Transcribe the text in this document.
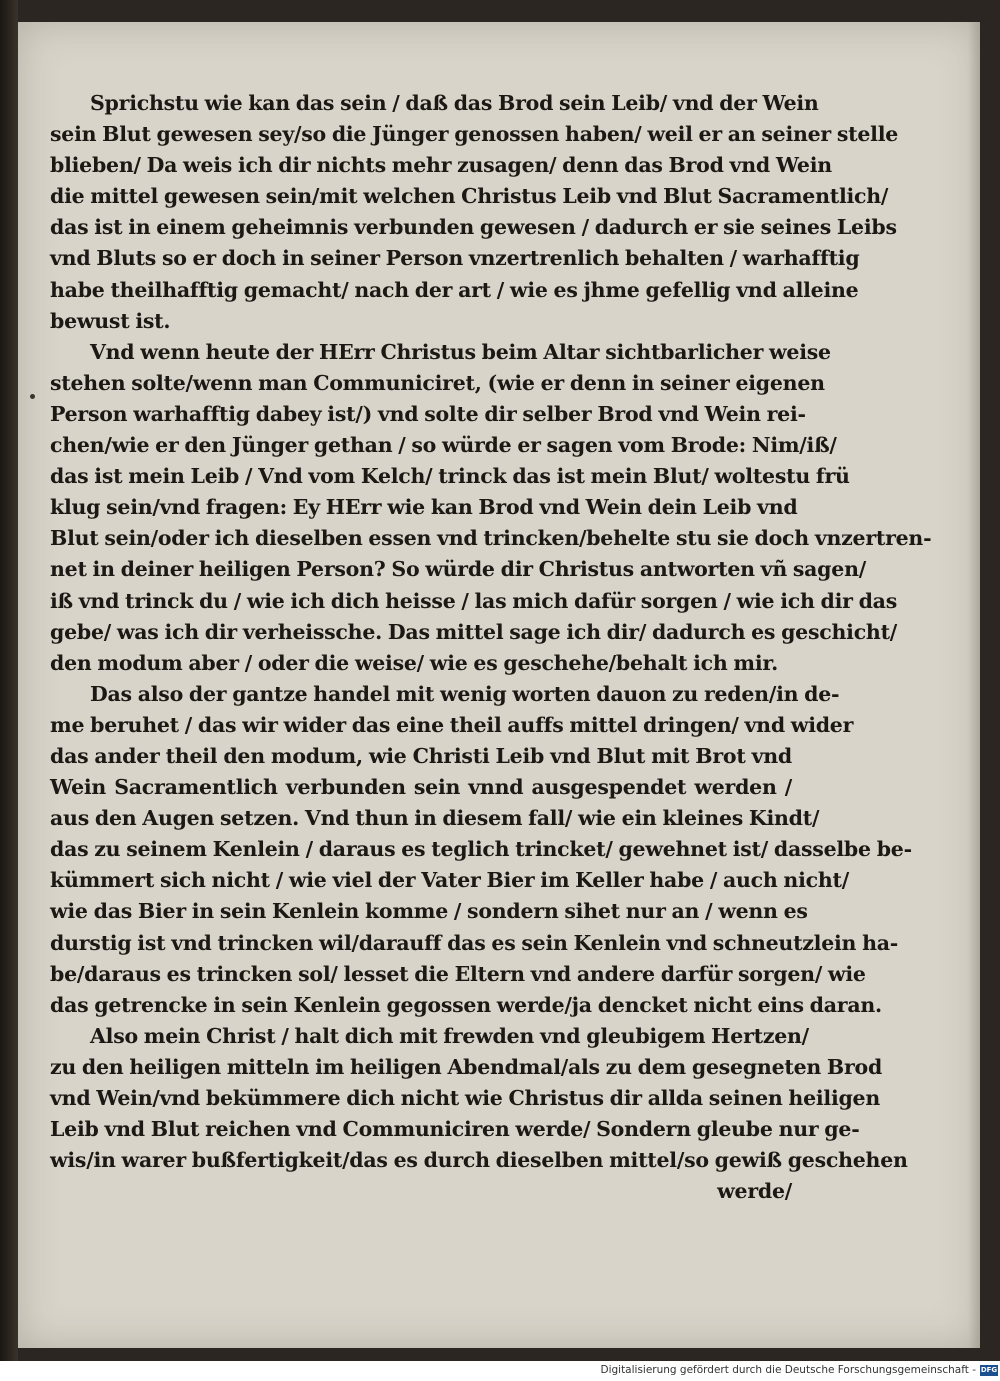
Sprichstu wie kan das sein / daß das Brod sein Leib/ vnd der Wein
sein Blut gewesen sey/so die Jünger genossen haben/ weil er an seiner stelle
blieben/ Da weis ich dir nichts mehr zusagen/ denn das Brod vnd Wein
die mittel gewesen sein/mit welchen Christus Leib vnd Blut Sacramentlich/
das ist in einem geheimnis verbunden gewesen / dadurch er sie seines Leibs
vnd Bluts so er doch in seiner Person vnzertrenlich behalten / warhafftig
habe theilhafftig gemacht/ nach der art / wie es jhme gefellig vnd alleine
bewust ist.
Vnd wenn heute der HErr Christus beim Altar sichtbarlicher weise
stehen solte/wenn man Communiciret, (wie er denn in seiner eigenen
Person warhafftig dabey ist/) vnd solte dir selber Brod vnd Wein rei-
chen/wie er den Jünger gethan / so würde er sagen vom Brode: Nim/iß/
das ist mein Leib / Vnd vom Kelch/ trinck das ist mein Blut/ woltestu frü
klug sein/vnd fragen: Ey HErr wie kan Brod vnd Wein dein Leib vnd
Blut sein/oder ich dieselben essen vnd trincken/behelte stu sie doch vnzertren-
net in deiner heiligen Person? So würde dir Christus antworten vñ sagen/
iß vnd trinck du / wie ich dich heisse / las mich dafür sorgen / wie ich dir das
gebe/ was ich dir verheissche. Das mittel sage ich dir/ dadurch es geschicht/
den modum aber / oder die weise/ wie es geschehe/behalt ich mir.
Das also der gantze handel mit wenig worten dauon zu reden/in de-
me beruhet / das wir wider das eine theil auffs mittel dringen/ vnd wider
das ander theil den modum, wie Christi Leib vnd Blut mit Brot vnd
Wein Sacramentlich verbunden sein vnnd ausgespendet werden /
aus den Augen setzen. Vnd thun in diesem fall/ wie ein kleines Kindt/
das zu seinem Kenlein / daraus es teglich trincket/ gewehnet ist/ dasselbe be-
kümmert sich nicht / wie viel der Vater Bier im Keller habe / auch nicht/
wie das Bier in sein Kenlein komme / sondern sihet nur an / wenn es
durstig ist vnd trincken wil/darauff das es sein Kenlein vnd schneutzlein ha-
be/daraus es trincken sol/ lesset die Eltern vnd andere darfür sorgen/ wie
das getrencke in sein Kenlein gegossen werde/ja dencket nicht eins daran.
Also mein Christ / halt dich mit frewden vnd gleubigem Hertzen/
zu den heiligen mitteln im heiligen Abendmal/als zu dem gesegneten Brod
vnd Wein/vnd bekümmere dich nicht wie Christus dir allda seinen heiligen
Leib vnd Blut reichen vnd Communiciren werde/ Sondern gleube nur ge-
wis/in warer bußfertigkeit/das es durch dieselben mittel/so gewiß geschehen
werde/
Digitalisierung gefördert durch die Deutsche Forschungsgemeinschaft - DFG
